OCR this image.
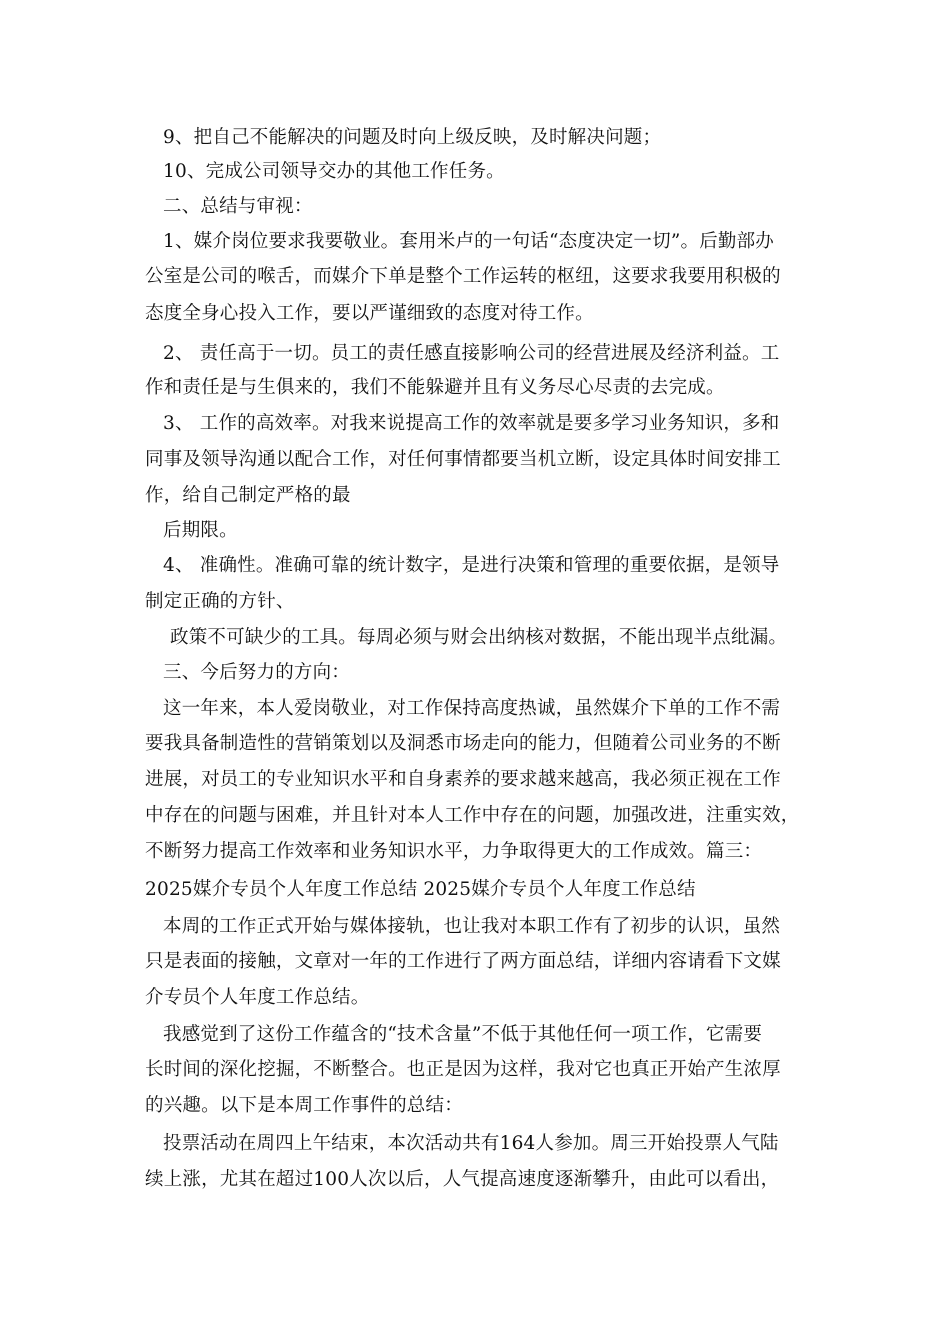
9、把自己不能解决的问题及时向上级反映，及时解决问题；
10、完成公司领导交办的其他工作任务。
二、总结与审视：
1、媒介岗位要求我要敬业。套用米卢的一句话“态度决定一切”。后勤部办
公室是公司的喉舌，而媒介下单是整个工作运转的枢纽，这要求我要用积极的
态度全身心投入工作，要以严谨细致的态度对待工作。
2、 责任高于一切。员工的责任感直接影响公司的经营进展及经济利益。工
作和责任是与生俱来的，我们不能躲避并且有义务尽心尽责的去完成。
3、 工作的高效率。对我来说提高工作的效率就是要多学习业务知识，多和
同事及领导沟通以配合工作，对任何事情都要当机立断，设定具体时间安排工
作，给自己制定严格的最
后期限。
4、 准确性。准确可靠的统计数字，是进行决策和管理的重要依据，是领导
制定正确的方针、
政策不可缺少的工具。每周必须与财会出纳核对数据，不能出现半点纰漏。
三、今后努力的方向：
这一年来，本人爱岗敬业，对工作保持高度热诚，虽然媒介下单的工作不需
要我具备制造性的营销策划以及洞悉市场走向的能力，但随着公司业务的不断
进展，对员工的专业知识水平和自身素养的要求越来越高，我必须正视在工作
中存在的问题与困难，并且针对本人工作中存在的问题，加强改进，注重实效，
不断努力提高工作效率和业务知识水平，力争取得更大的工作成效。篇三：
2025媒介专员个人年度工作总结 2025媒介专员个人年度工作总结
本周的工作正式开始与媒体接轨，也让我对本职工作有了初步的认识，虽然
只是表面的接触，文章对一年的工作进行了两方面总结，详细内容请看下文媒
介专员个人年度工作总结。
我感觉到了这份工作蕴含的“技术含量”不低于其他任何一项工作，它需要
长时间的深化挖掘，不断整合。也正是因为这样，我对它也真正开始产生浓厚
的兴趣。以下是本周工作事件的总结：
投票活动在周四上午结束，本次活动共有164人参加。周三开始投票人气陆
续上涨，尤其在超过100人次以后，人气提高速度逐渐攀升，由此可以看出，
